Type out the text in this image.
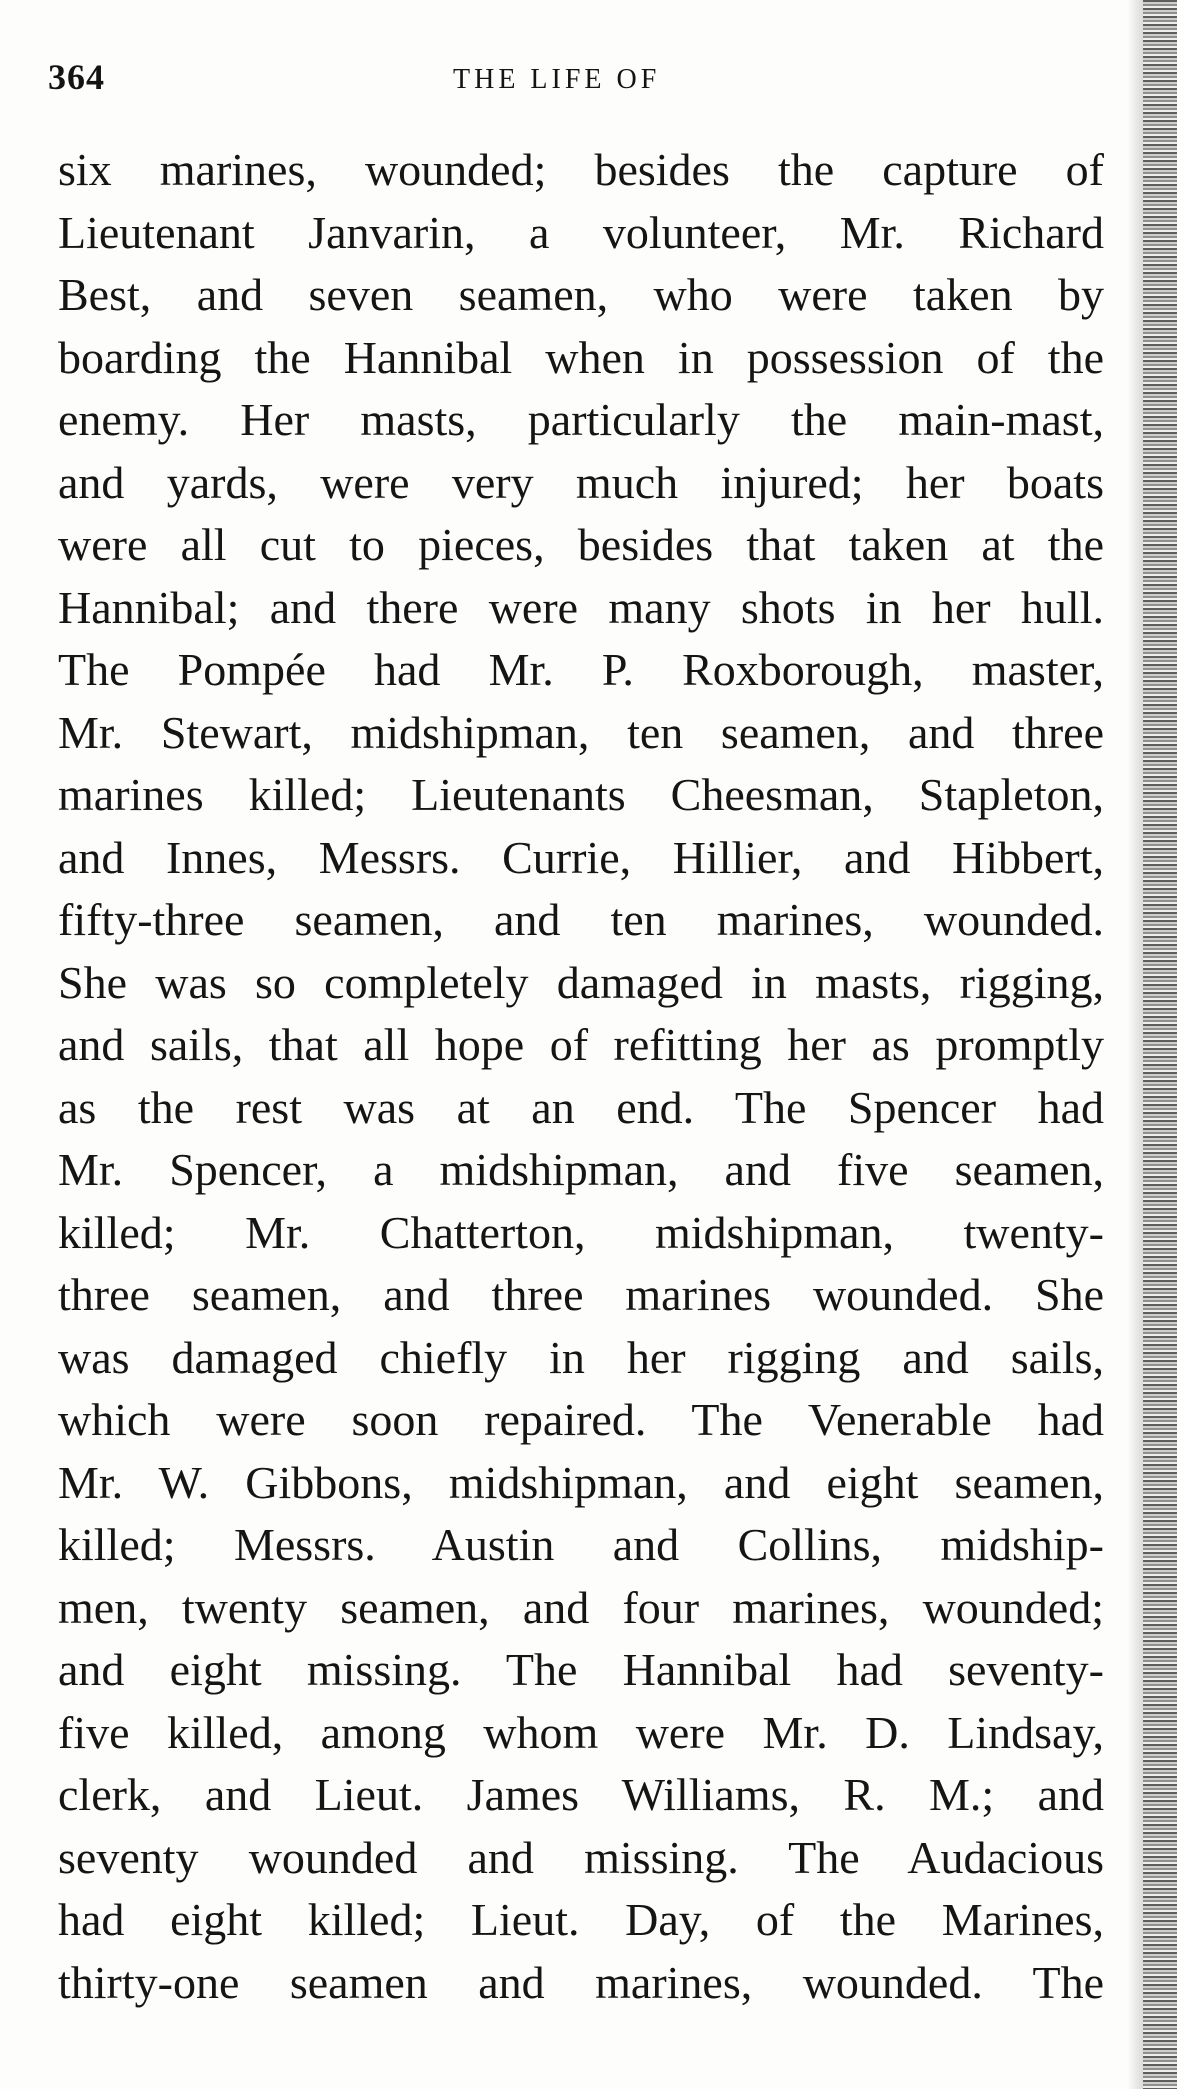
364	THE LIFE OF
six marines, wounded; besides the capture of
Lieutenant Janvarin, a volunteer, Mr. Richard
Best, and seven seamen, who were taken by
boarding the Hannibal when in possession of the
enemy. Her masts, particularly the main-mast,
and yards, were very much injured; her boats
were all cut to pieces, besides that taken at the
Hannibal; and there were many shots in her hull.
The Pompée had Mr. P. Roxborough, master,
Mr. Stewart, midshipman, ten seamen, and three
marines killed; Lieutenants Cheesman, Stapleton,
and Innes, Messrs. Currie, Hillier, and Hibbert,
fifty-three seamen, and ten marines, wounded.
She was so completely damaged in masts, rigging,
and sails, that all hope of refitting her as promptly
as the rest was at an end. The Spencer had
Mr. Spencer, a midshipman, and five seamen,
killed; Mr. Chatterton, midshipman, twenty-
three seamen, and three marines wounded. She
was damaged chiefly in her rigging and sails,
which were soon repaired. The Venerable had
Mr. W. Gibbons, midshipman, and eight seamen,
killed; Messrs. Austin and Collins, midship-
men, twenty seamen, and four marines, wounded;
and eight missing. The Hannibal had seventy-
five killed, among whom were Mr. D. Lindsay,
clerk, and Lieut. James Williams, R. M.; and
seventy wounded and missing. The Audacious
had eight killed; Lieut. Day, of the Marines,
thirty-one seamen and marines, wounded. The
